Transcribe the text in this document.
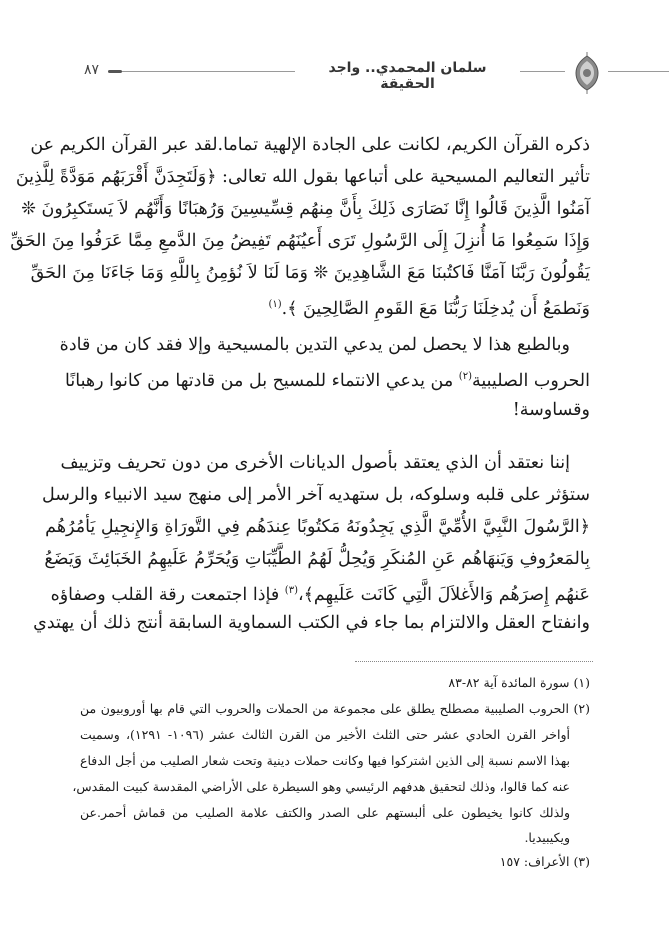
٨٧	سلمان المحمدي.. واجد الحقيقة
ذكره القرآن الكريم، لكانت على الجادة الإلهية تماما.لقد عبر القرآن الكريم عن
تأثير التعاليم المسيحية على أتباعها بقول الله تعالى: ﴿وَلَتَجِدَنَّ أَقْرَبَهُم مَوَدَّةً لِلَّذِينَ
آمَنُوا الَّذِينَ قَالُوا إِنَّا نَصَارَى ذَلِكَ بِأَنَّ مِنهُم قِسِّيسِينَ وَرُهبَانًا وَأَنَّهُم لاَ يَستَكبِرُونَ ❊
وَإِذَا سَمِعُوا مَا أُنزِلَ إِلَى الرَّسُولِ تَرَى أَعيُنَهُم تَفِيضُ مِنَ الدَّمعِ مِمَّا عَرَفُوا مِنَ الحَقِّ
يَقُولُونَ رَبَّنَا آمَنَّا فَاكتُبنَا مَعَ الشَّاهِدِينَ ❊ وَمَا لَنَا لاَ نُؤمِنُ بِاللَّهِ وَمَا جَاءَنَا مِنَ الحَقِّ
وَنَطمَعُ أَن يُدخِلَنَا رَبُّنَا مَعَ القَومِ الصَّالِحِينَ ﴾.$^{(١)}$
وبالطبع هذا لا يحصل لمن يدعي التدين بالمسيحية وإلا فقد كان من قادة
الحروب الصليبية$^{(٢)}$ من يدعي الانتماء للمسيح بل من قادتها من كانوا رهبانًا
وقساوسة!
إننا نعتقد أن الذي يعتقد بأصول الديانات الأخرى من دون تحريف وتزييف
ستؤثر على قلبه وسلوكه، بل ستهديه آخر الأمر إلى منهج سيد الانبياء والرسل
﴿الرَّسُولَ النَّبِيَّ الأُمِّيَّ الَّذِي يَجِدُونَهُ مَكتُوبًا عِندَهُم فِي التَّورَاةِ وَالإِنجِيلِ يَأمُرُهُم
بِالمَعرُوفِ وَيَنهَاهُم عَنِ المُنكَرِ وَيُحِلُّ لَهُمُ الطَّيِّبَاتِ وَيُحَرِّمُ عَلَيهِمُ الخَبَائِثَ وَيَضَعُ
عَنهُم إِصرَهُم وَالأَغلاَلَ الَّتِي كَانَت عَلَيهِم﴾،$^{(٣)}$ فإذا اجتمعت رقة القلب وصفاؤه
وانفتاح العقل والالتزام بما جاء في الكتب السماوية السابقة أنتج ذلك أن يهتدي
(١) سورة المائدة آية ٨٢-٨٣
(٢) الحروب الصليبية مصطلح يطلق على مجموعة من الحملات والحروب التي قام بها أوروبيون من
أواخر القرن الحادي عشر حتى الثلث الأخير من القرن الثالث عشر (١٠٩٦- ١٢٩١)، وسميت
بهذا الاسم نسبة إلى الذين اشتركوا فيها وكانت حملات دينية وتحت شعار الصليب من أجل الدفاع
عنه كما قالوا، وذلك لتحقيق هدفهم الرئيسي وهو السيطرة على الأراضي المقدسة كبيت المقدس،
ولذلك كانوا يخيطون على ألبستهم على الصدر والكتف علامة الصليب من قماش أحمر.عن
ويكيبيديا.
(٣) الأعراف: ١٥٧
